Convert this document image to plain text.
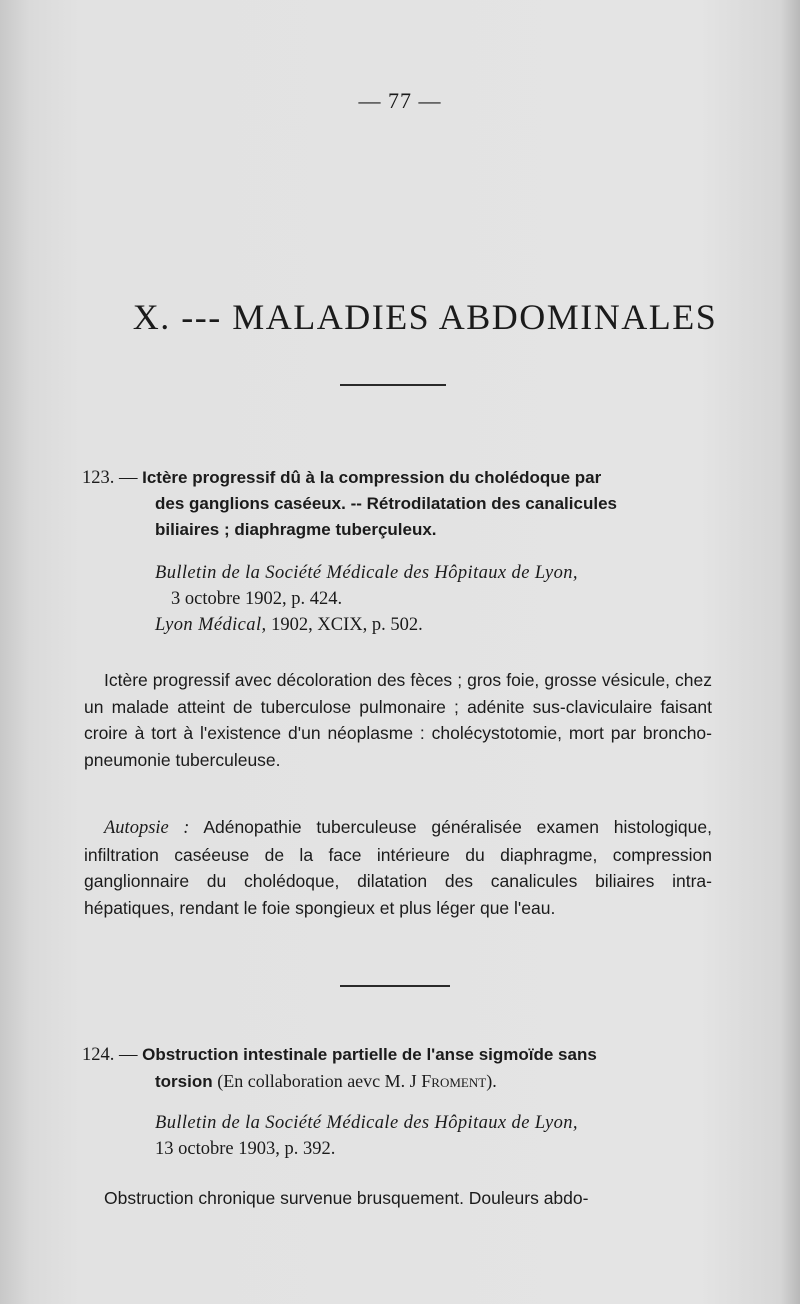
— 77 —
X. --- MALADIES ABDOMINALES
123. — Ictère progressif dû à la compression du cholédoque par
des ganglions caséeux. -- Rétrodilatation des canalicules
biliaires ; diaphragme tuberçuleux.
Bulletin de la Société Médicale des Hôpitaux de Lyon,
3 octobre 1902, p. 424.
Lyon Médical, 1902, XCIX, p. 502.
Ictère progressif avec décoloration des fèces ; gros foie, grosse vésicule, chez un malade atteint de tuberculose pulmonaire ; adénite sus-claviculaire faisant croire à tort à l'existence d'un néoplasme : cholécystotomie, mort par broncho-pneumonie tuberculeuse.
Autopsie : Adénopathie tuberculeuse généralisée examen histologique, infiltration caséeuse de la face intérieure du diaphragme, compression ganglionnaire du cholédoque, dilatation des canalicules biliaires intra-hépatiques, rendant le foie spongieux et plus léger que l'eau.
124. — Obstruction intestinale partielle de l'anse sigmoïde sans
torsion (En collaboration aevc M. J Froment).
Bulletin de la Société Médicale des Hôpitaux de Lyon,
13 octobre 1903, p. 392.
Obstruction chronique survenue brusquement. Douleurs abdo-
